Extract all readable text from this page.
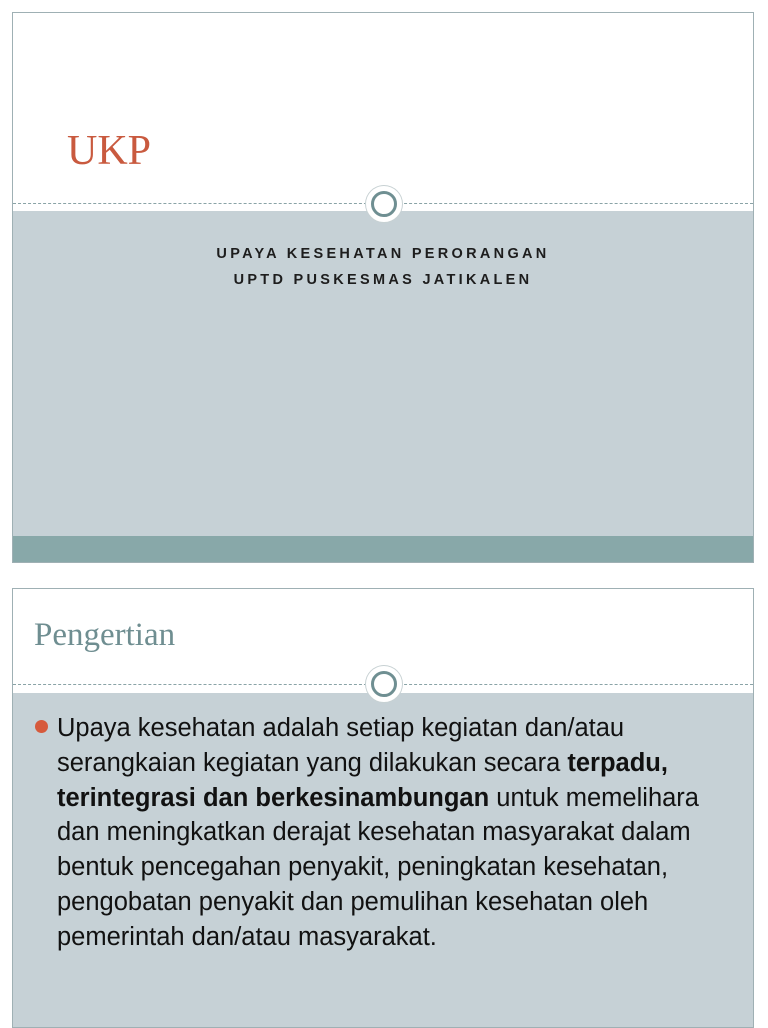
UKP
UPAYA KESEHATAN PERORANGAN
UPTD PUSKESMAS JATIKALEN
Pengertian
Upaya kesehatan adalah setiap kegiatan dan/atau serangkaian kegiatan yang dilakukan secara terpadu, terintegrasi dan berkesinambungan untuk memelihara dan meningkatkan derajat kesehatan masyarakat dalam bentuk pencegahan penyakit, peningkatan kesehatan, pengobatan penyakit dan pemulihan kesehatan oleh pemerintah dan/atau masyarakat.
